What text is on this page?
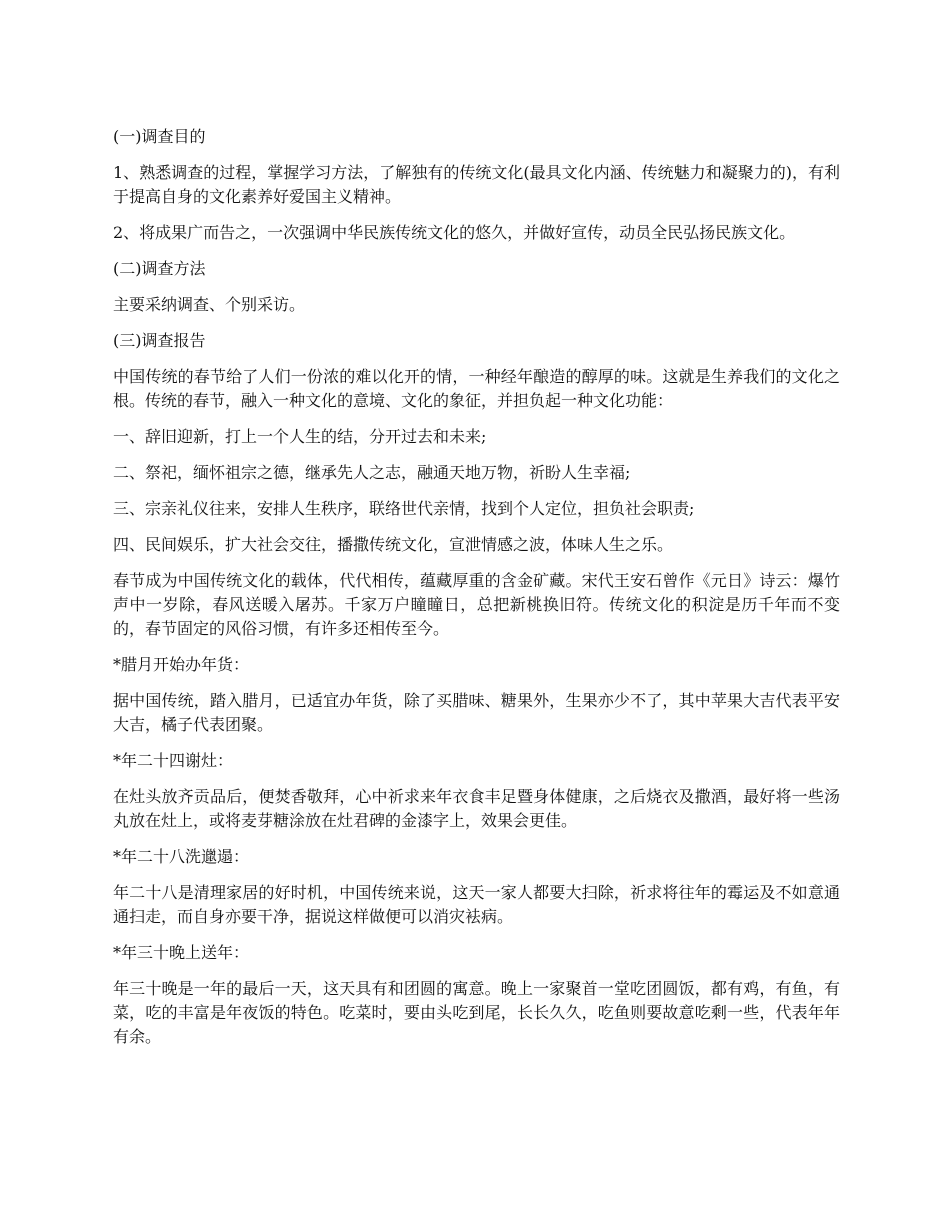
(一)调查目的

1、熟悉调查的过程，掌握学习方法，了解独有的传统文化(最具文化内涵、传统魅力和凝聚力的)，有利于提高自身的文化素养好爱国主义精神。

2、将成果广而告之，一次强调中华民族传统文化的悠久，并做好宣传，动员全民弘扬民族文化。

(二)调查方法

主要采纳调查、个别采访。

(三)调查报告

中国传统的春节给了人们一份浓的难以化开的情，一种经年酿造的醇厚的味。这就是生养我们的文化之根。传统的春节，融入一种文化的意境、文化的象征，并担负起一种文化功能：

一、辞旧迎新，打上一个人生的结，分开过去和未来;

二、祭祀，缅怀祖宗之德，继承先人之志，融通天地万物，祈盼人生幸福;

三、宗亲礼仪往来，安排人生秩序，联络世代亲情，找到个人定位，担负社会职责;

四、民间娱乐，扩大社会交往，播撒传统文化，宣泄情感之波，体味人生之乐。

春节成为中国传统文化的载体，代代相传，蕴藏厚重的含金矿藏。宋代王安石曾作《元日》诗云：爆竹声中一岁除，春风送暖入屠苏。千家万户瞳瞳日，总把新桃换旧符。传统文化的积淀是历千年而不变的，春节固定的风俗习惯，有许多还相传至今。

*腊月开始办年货：

据中国传统，踏入腊月，已适宜办年货，除了买腊味、糖果外，生果亦少不了，其中苹果大吉代表平安大吉，橘子代表团聚。

*年二十四谢灶：

在灶头放齐贡品后，便焚香敬拜，心中祈求来年衣食丰足暨身体健康，之后烧衣及撒酒，最好将一些汤丸放在灶上，或将麦芽糖涂放在灶君碑的金漆字上，效果会更佳。

*年二十八洗邋遢：

年二十八是清理家居的好时机，中国传统来说，这天一家人都要大扫除，祈求将往年的霉运及不如意通通扫走，而自身亦要干净，据说这样做便可以消灾袪病。

*年三十晚上送年：

年三十晚是一年的最后一天，这天具有和团圆的寓意。晚上一家聚首一堂吃团圆饭，都有鸡，有鱼，有菜，吃的丰富是年夜饭的特色。吃菜时，要由头吃到尾，长长久久，吃鱼则要故意吃剩一些，代表年年有余。
